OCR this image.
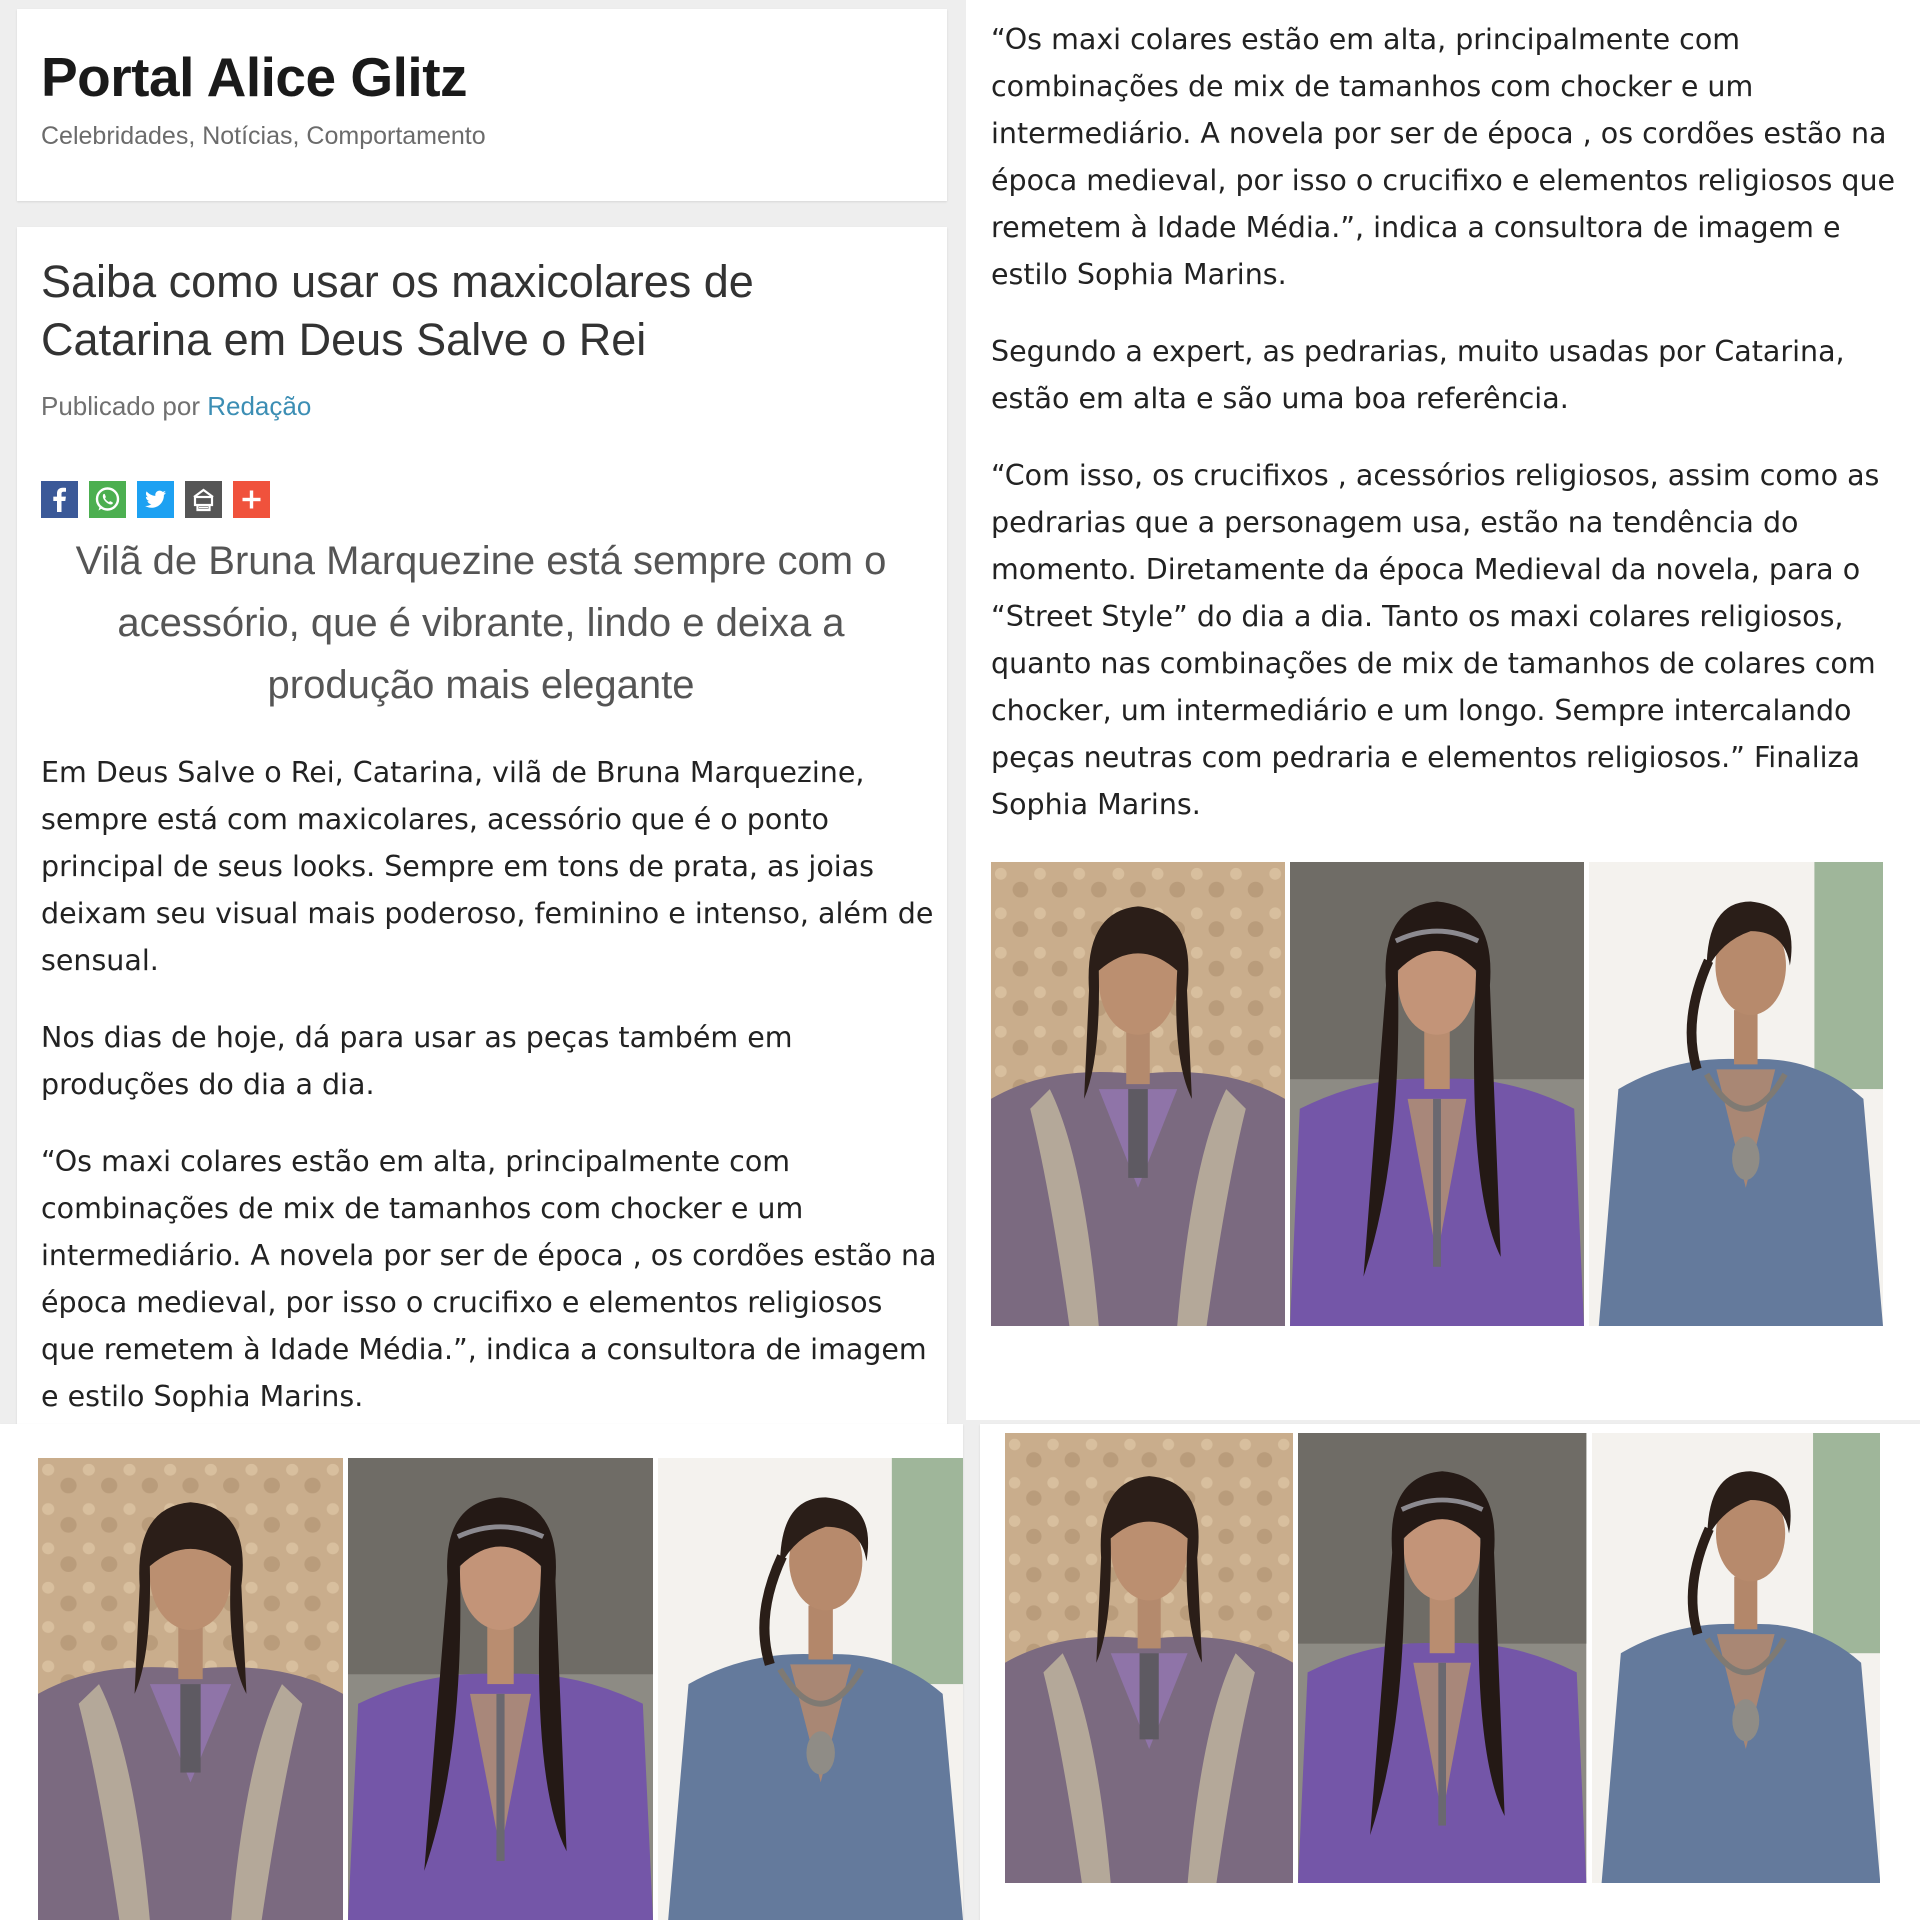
Portal Alice Glitz
Celebridades, Notícias, Comportamento
Saiba como usar os maxicolares de Catarina em Deus Salve o Rei
Publicado por Redação
Vilã de Bruna Marquezine está sempre com o acessório, que é vibrante, lindo e deixa a produção mais elegante

Em Deus Salve o Rei, Catarina, vilã de Bruna Marquezine, sempre está com maxicolares, acessório que é o ponto principal de seus looks. Sempre em tons de prata, as joias deixam seu visual mais poderoso, feminino e intenso, além de sensual.

Nos dias de hoje, dá para usar as peças também em produções do dia a dia.

“Os maxi colares estão em alta, principalmente com combinações de mix de tamanhos com chocker e um intermediário. A novela por ser de época , os cordões estão na época medieval, por isso o crucifixo e elementos religiosos que remetem à Idade Média.”, indica a consultora de imagem e estilo Sophia Marins.

“Os maxi colares estão em alta, principalmente com combinações de mix de tamanhos com chocker e um intermediário. A novela por ser de época , os cordões estão na época medieval, por isso o crucifixo e elementos religiosos que remetem à Idade Média.”, indica a consultora de imagem e estilo Sophia Marins.

Segundo a expert, as pedrarias, muito usadas por Catarina, estão em alta e são uma boa referência.

“Com isso, os crucifixos , acessórios religiosos, assim como as pedrarias que a personagem usa, estão na tendência do momento. Diretamente da época Medieval da novela, para o “Street Style” do dia a dia. Tanto os maxi colares religiosos, quanto nas combinações de mix de tamanhos de colares com chocker, um intermediário e um longo. Sempre intercalando peças neutras com pedraria e elementos religiosos.” Finaliza Sophia Marins.
